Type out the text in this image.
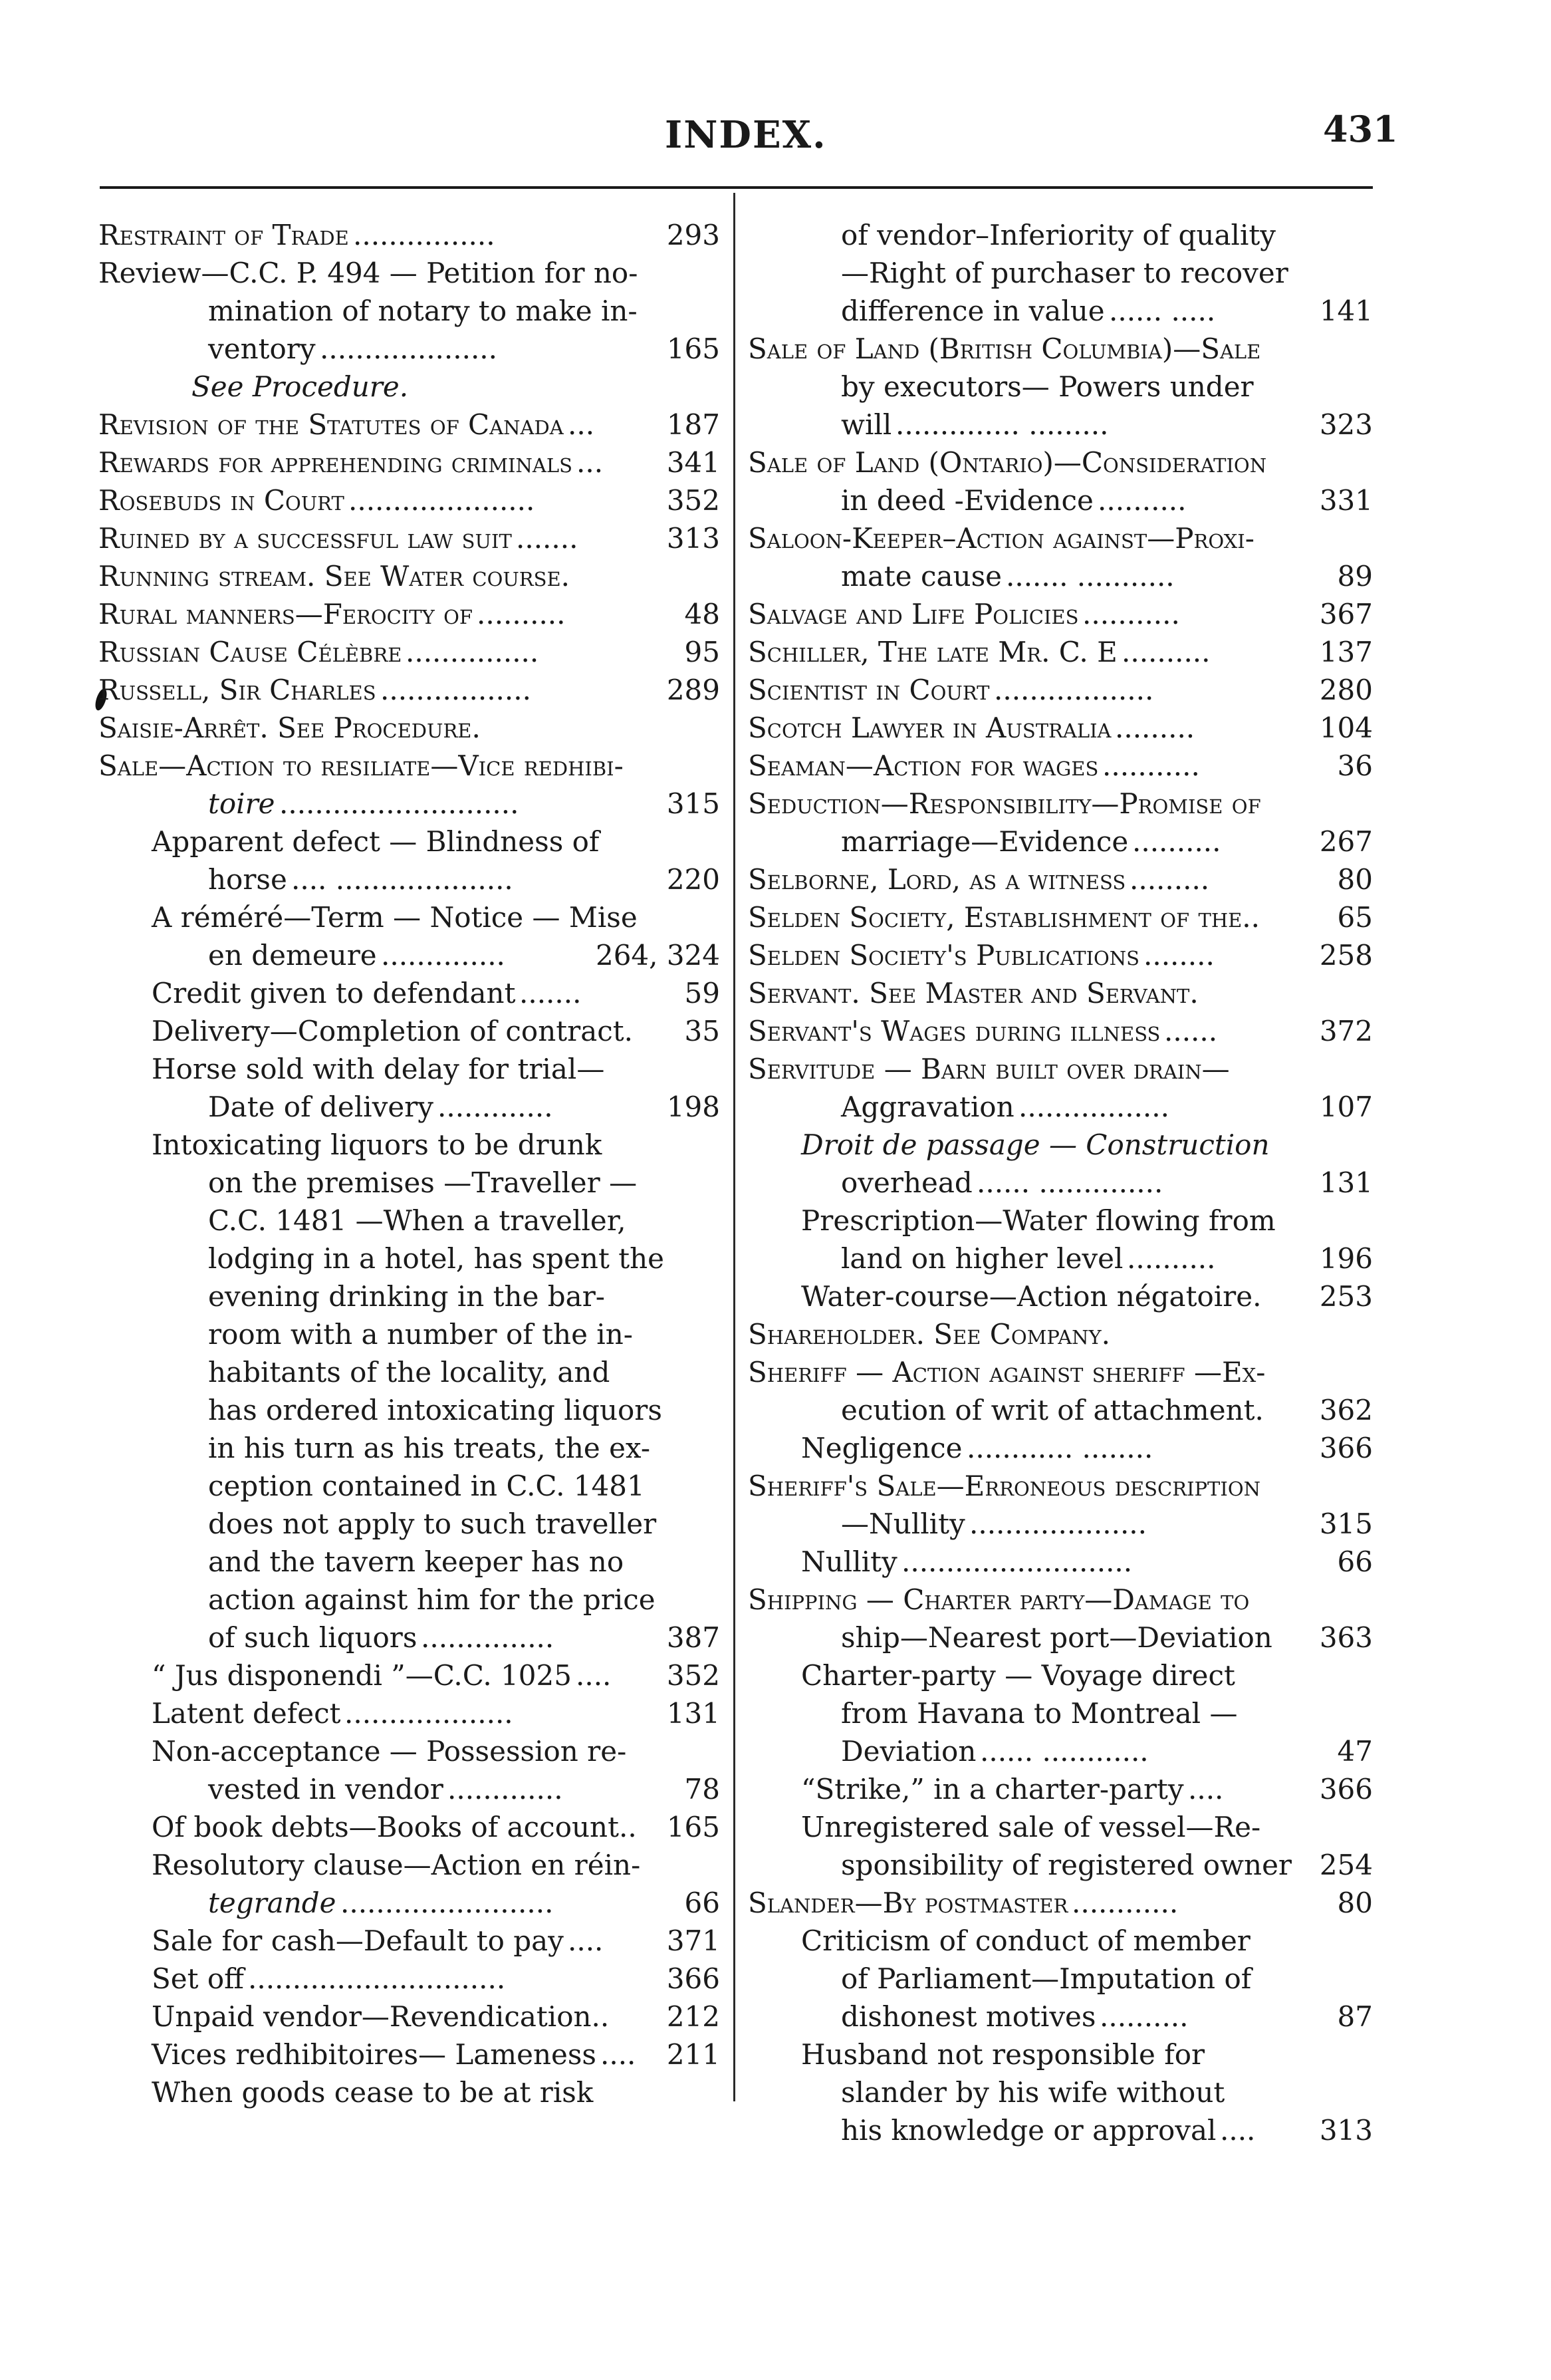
INDEX.	431
Restraint of Trade ................	293
Review—C.C. P. 494 — Petition for no-
mination of notary to make in-
ventory ....................	165
See Procedure.
Revision of the Statutes of Canada ...	187
Rewards for apprehending criminals ... 341
Rosebuds in Court .....................	352
Ruined by a successful law suit .......	313
Running stream. See Water course.
Rural manners—Ferocity of ..........	48
Russian Cause Célèbre ...............	95
Russell, Sir Charles .................	289
Saisie-Arrêt. See Procedure.
Sale—Action to resiliate—Vice redhibi-
toire ...........................	315
Apparent defect — Blindness of
horse .... ....................	220
A réméré—Term — Notice — Mise
en demeure ..............	264, 324
Credit given to defendant .......	59
Delivery—Completion of contract. 35
Horse sold with delay for trial—
Date of delivery .............	198
Intoxicating liquors to be drunk
on the premises —Traveller —
C.C. 1481 —When a traveller,
lodging in a hotel, has spent the
evening drinking in the bar-
room with a number of the in-
habitants of the locality, and
has ordered intoxicating liquors
in his turn as his treats, the ex-
ception contained in C.C. 1481
does not apply to such traveller
and the tavern keeper has no
action against him for the price
of such liquors ...............	387
“ Jus disponendi ”—C.C. 1025 .... 352
Latent defect ...................	131
Non-acceptance — Possession re-
vested in vendor .............	78
Of book debts—Books of account.. 165
Resolutory clause—Action en réin-
tegrande ........................	66
Sale for cash—Default to pay .... 371
Set off .............................	366
Unpaid vendor—Revendication.. 212
Vices redhibitoires— Lameness .... 211
When goods cease to be at risk
of vendor–Inferiority of quality
—Right of purchaser to recover
difference in value ...... .....	141
Sale of Land (British Columbia)—Sale
by executors— Powers under
will .............. .........	323
Sale of Land (Ontario)—Consideration
in deed -Evidence ..........	331
Saloon-Keeper–Action against—Proxi-
mate cause ....... ...........	89
Salvage and Life Policies ...........	367
Schiller, The late Mr. C. E ..........	137
Scientist in Court ..................	280
Scotch Lawyer in Australia .........	104
Seaman—Action for wages ...........	36
Seduction—Responsibility—Promise of
marriage—Evidence ..........	267
Selborne, Lord, as a witness .........	80
Selden Society, Establishment of the..	65
Selden Society's Publications ........	258
Servant. See Master and Servant.
Servant's Wages during illness ......	372
Servitude — Barn built over drain—
Aggravation .................	107
Droit de passage — Construction
overhead ...... ..............	131
Prescription—Water flowing from
land on higher level ..........	196
Water-course—Action négatoire. 253
Shareholder. See Company.
Sheriff — Action against sheriff —Ex-
ecution of writ of attachment. 362
Negligence ............ ........	366
Sheriff's Sale—Erroneous description
—Nullity ....................	315
Nullity ..........................	66
Shipping — Charter party—Damage to
ship—Nearest port—Deviation 363
Charter-party — Voyage direct
from Havana to Montreal —
Deviation ...... ............	47
“Strike,” in a charter-party ....	366
Unregistered sale of vessel—Re-
sponsibility of registered owner 254
Slander—By postmaster ............	80
Criticism of conduct of member
of Parliament—Imputation of
dishonest motives ..........	87
Husband not responsible for
slander by his wife without
his knowledge or approval .... 313
